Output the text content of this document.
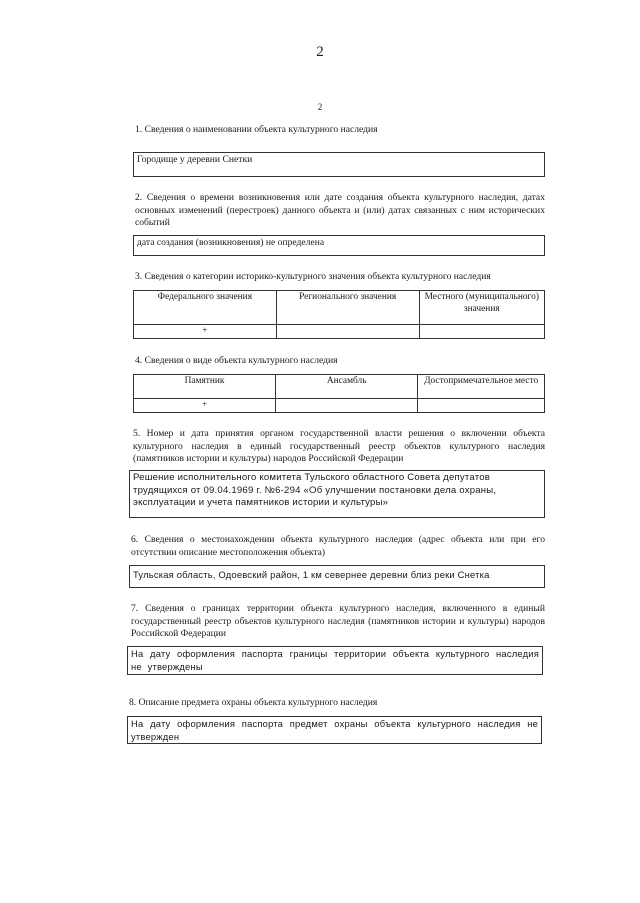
2
2
1. Сведения о наименовании объекта культурного наследия
Городище у деревни Снетки
2. Сведения о времени возникновения или дате создания объекта культурного наследия, датах основных изменений (перестроек) данного объекта и (или) датах связанных с ним исторических событий
дата создания (возникновения) не определена
3. Сведения о категории историко-культурного значения объекта культурного наследия
Федерального значения	Регионального значения	Местного (муниципального) значения
+		
4. Сведения о виде объекта культурного наследия
Памятник	Ансамбль	Достопримечательное место
+		
5. Номер и дата принятия органом государственной власти решения о включении объекта культурного наследия в единый государственный реестр объектов культурного наследия (памятников истории и культуры) народов Российской Федерации
Решение исполнительного комитета Тульского областного Совета депутатов трудящихся от 09.04.1969 г. №6-294 «Об улучшении постановки дела охраны, эксплуатации и учета памятников истории и культуры»
6. Сведения о местонахождении объекта культурного наследия (адрес объекта или при его отсутствии описание местоположения объекта)
Тульская область, Одоевский район, 1 км севернее деревни близ реки Снетка
7. Сведения о границах территории объекта культурного наследия, включенного в единый государственный реестр объектов культурного наследия (памятников истории и культуры) народов Российской Федерации
На дату оформления паспорта границы территории объекта культурного наследия не утверждены
8. Описание предмета охраны объекта культурного наследия
На дату оформления паспорта предмет охраны объекта культурного наследия не утвержден
